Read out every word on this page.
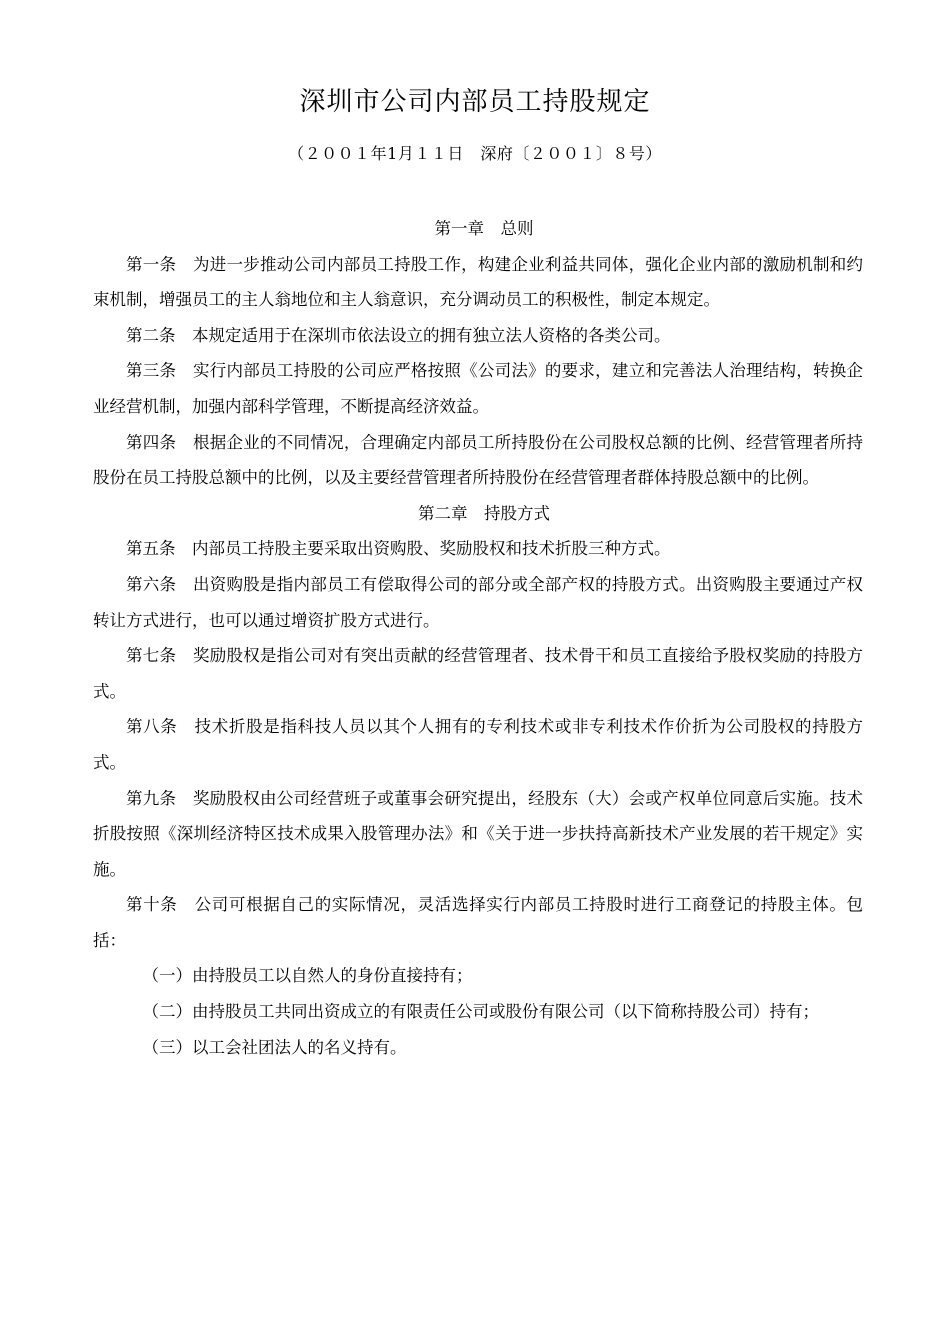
深圳市公司内部员工持股规定

（２００１年1月１１日　深府〔２００１〕８号）

第一章　总则

第一条　为进一步推动公司内部员工持股工作，构建企业利益共同体，强化企业内部的激励机制和约束机制，增强员工的主人翁地位和主人翁意识，充分调动员工的积极性，制定本规定。

第二条　本规定适用于在深圳市依法设立的拥有独立法人资格的各类公司。

第三条　实行内部员工持股的公司应严格按照《公司法》的要求，建立和完善法人治理结构，转换企业经营机制，加强内部科学管理，不断提高经济效益。

第四条　根据企业的不同情况，合理确定内部员工所持股份在公司股权总额的比例、经营管理者所持股份在员工持股总额中的比例，以及主要经营管理者所持股份在经营管理者群体持股总额中的比例。

第二章　持股方式

第五条　内部员工持股主要采取出资购股、奖励股权和技术折股三种方式。

第六条　出资购股是指内部员工有偿取得公司的部分或全部产权的持股方式。出资购股主要通过产权转让方式进行，也可以通过增资扩股方式进行。

第七条　奖励股权是指公司对有突出贡献的经营管理者、技术骨干和员工直接给予股权奖励的持股方式。

第八条　技术折股是指科技人员以其个人拥有的专利技术或非专利技术作价折为公司股权的持股方式。

第九条　奖励股权由公司经营班子或董事会研究提出，经股东（大）会或产权单位同意后实施。技术折股按照《深圳经济特区技术成果入股管理办法》和《关于进一步扶持高新技术产业发展的若干规定》实施。

第十条　公司可根据自己的实际情况，灵活选择实行内部员工持股时进行工商登记的持股主体。包括：

（一）由持股员工以自然人的身份直接持有；

（二）由持股员工共同出资成立的有限责任公司或股份有限公司（以下简称持股公司）持有；

（三）以工会社团法人的名义持有。
